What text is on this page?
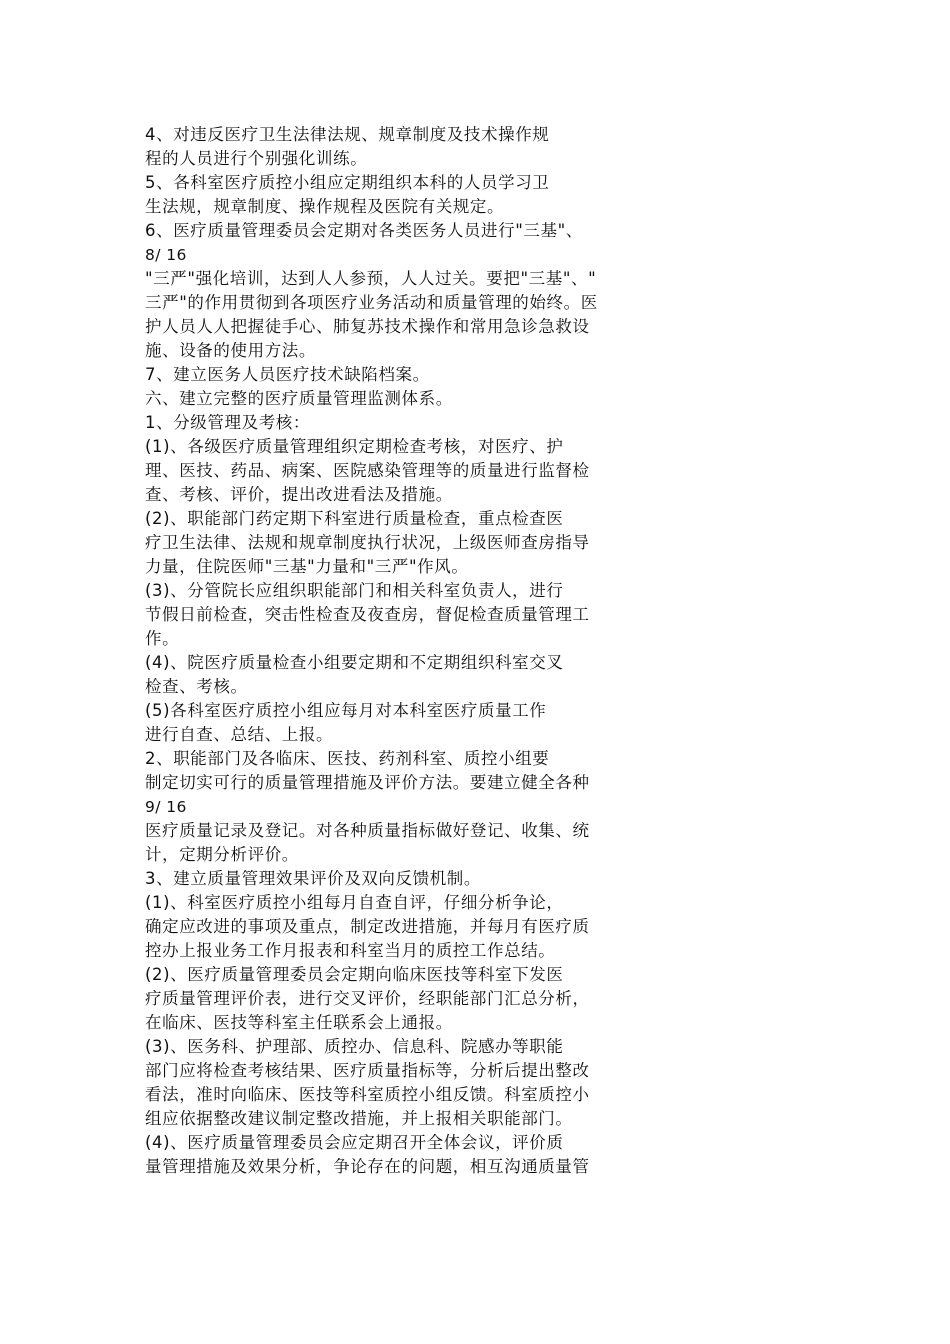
4、对违反医疗卫生法律法规、规章制度及技术操作规
程的人员进行个别强化训练。
5、各科室医疗质控小组应定期组织本科的人员学习卫
生法规，规章制度、操作规程及医院有关规定。
6、医疗质量管理委员会定期对各类医务人员进行"三基"、
8/ 16
"三严"强化培训，达到人人参预，人人过关。要把"三基"、"
三严"的作用贯彻到各项医疗业务活动和质量管理的始终。医
护人员人人把握徒手心、肺复苏技术操作和常用急诊急救设
施、设备的使用方法。
7、建立医务人员医疗技术缺陷档案。
六、建立完整的医疗质量管理监测体系。
1、分级管理及考核：
(1)、各级医疗质量管理组织定期检查考核，对医疗、护
理、医技、药品、病案、医院感染管理等的质量进行监督检
查、考核、评价，提出改进看法及措施。
(2)、职能部门药定期下科室进行质量检查，重点检查医
疗卫生法律、法规和规章制度执行状况，上级医师查房指导
力量，住院医师"三基"力量和"三严"作风。
(3)、分管院长应组织职能部门和相关科室负责人，进行
节假日前检查，突击性检查及夜查房，督促检查质量管理工
作。
(4)、院医疗质量检查小组要定期和不定期组织科室交叉
检查、考核。
(5)各科室医疗质控小组应每月对本科室医疗质量工作
进行自查、总结、上报。
2、职能部门及各临床、医技、药剂科室、质控小组要
制定切实可行的质量管理措施及评价方法。要建立健全各种
9/ 16
医疗质量记录及登记。对各种质量指标做好登记、收集、统
计，定期分析评价。
3、建立质量管理效果评价及双向反馈机制。
(1)、科室医疗质控小组每月自查自评，仔细分析争论，
确定应改进的事项及重点，制定改进措施，并每月有医疗质
控办上报业务工作月报表和科室当月的质控工作总结。
(2)、医疗质量管理委员会定期向临床医技等科室下发医
疗质量管理评价表，进行交叉评价，经职能部门汇总分析，
在临床、医技等科室主任联系会上通报。
(3)、医务科、护理部、质控办、信息科、院感办等职能
部门应将检查考核结果、医疗质量指标等，分析后提出整改
看法，准时向临床、医技等科室质控小组反馈。科室质控小
组应依据整改建议制定整改措施，并上报相关职能部门。
(4)、医疗质量管理委员会应定期召开全体会议，评价质
量管理措施及效果分析，争论存在的问题，相互沟通质量管
